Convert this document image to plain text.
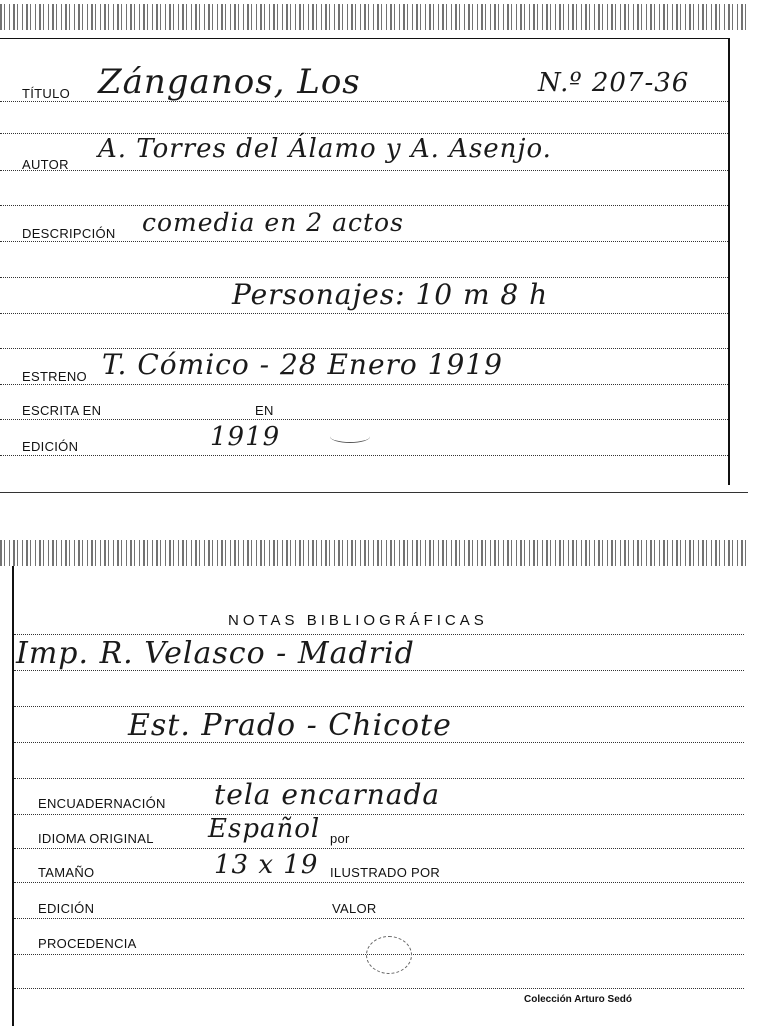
TÍTULO Zánganos, Los	N.º 207-36
AUTOR
A. Torres del Álamo y A. Asenjo.
DESCRIPCIÓN comedia en 2 actos
Personajes: 10 m 8 h
ESTRENO T. Cómico - 28 Enero 1919
ESCRITA EN	EN
EDICIÓN	1919
NOTAS BIBLIOGRÁFICAS
Imp. R. Velasco - Madrid
Est. Prado - Chicote
ENCUADERNACIÓN tela encarnada
IDIOMA ORIGINAL Español por
TAMAÑO	13 x 19 ILUSTRADO POR
EDICIÓN	VALOR
PROCEDENCIA
Colección Arturo Sedó
